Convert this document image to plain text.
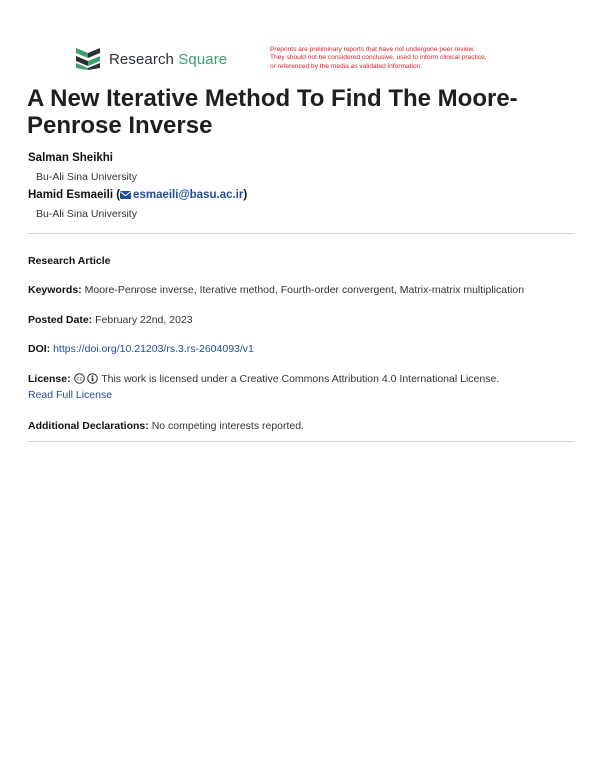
Research Square
Preprints are preliminary reports that have not undergone peer review.
They should not be considered conclusive, used to inform clinical practice,
or referenced by the media as validated information.
A New Iterative Method To Find The Moore-Penrose Inverse
Salman Sheikhi
Bu-Ali Sina University
Hamid Esmaeili ( esmaeili@basu.ac.ir)
Bu-Ali Sina University
Research Article
Keywords: Moore-Penrose inverse, Iterative method, Fourth-order convergent, Matrix-matrix multiplication
Posted Date: February 22nd, 2023
DOI: https://doi.org/10.21203/rs.3.rs-2604093/v1
License: cc This work is licensed under a Creative Commons Attribution 4.0 International License.
Read Full License
Additional Declarations: No competing interests reported.
